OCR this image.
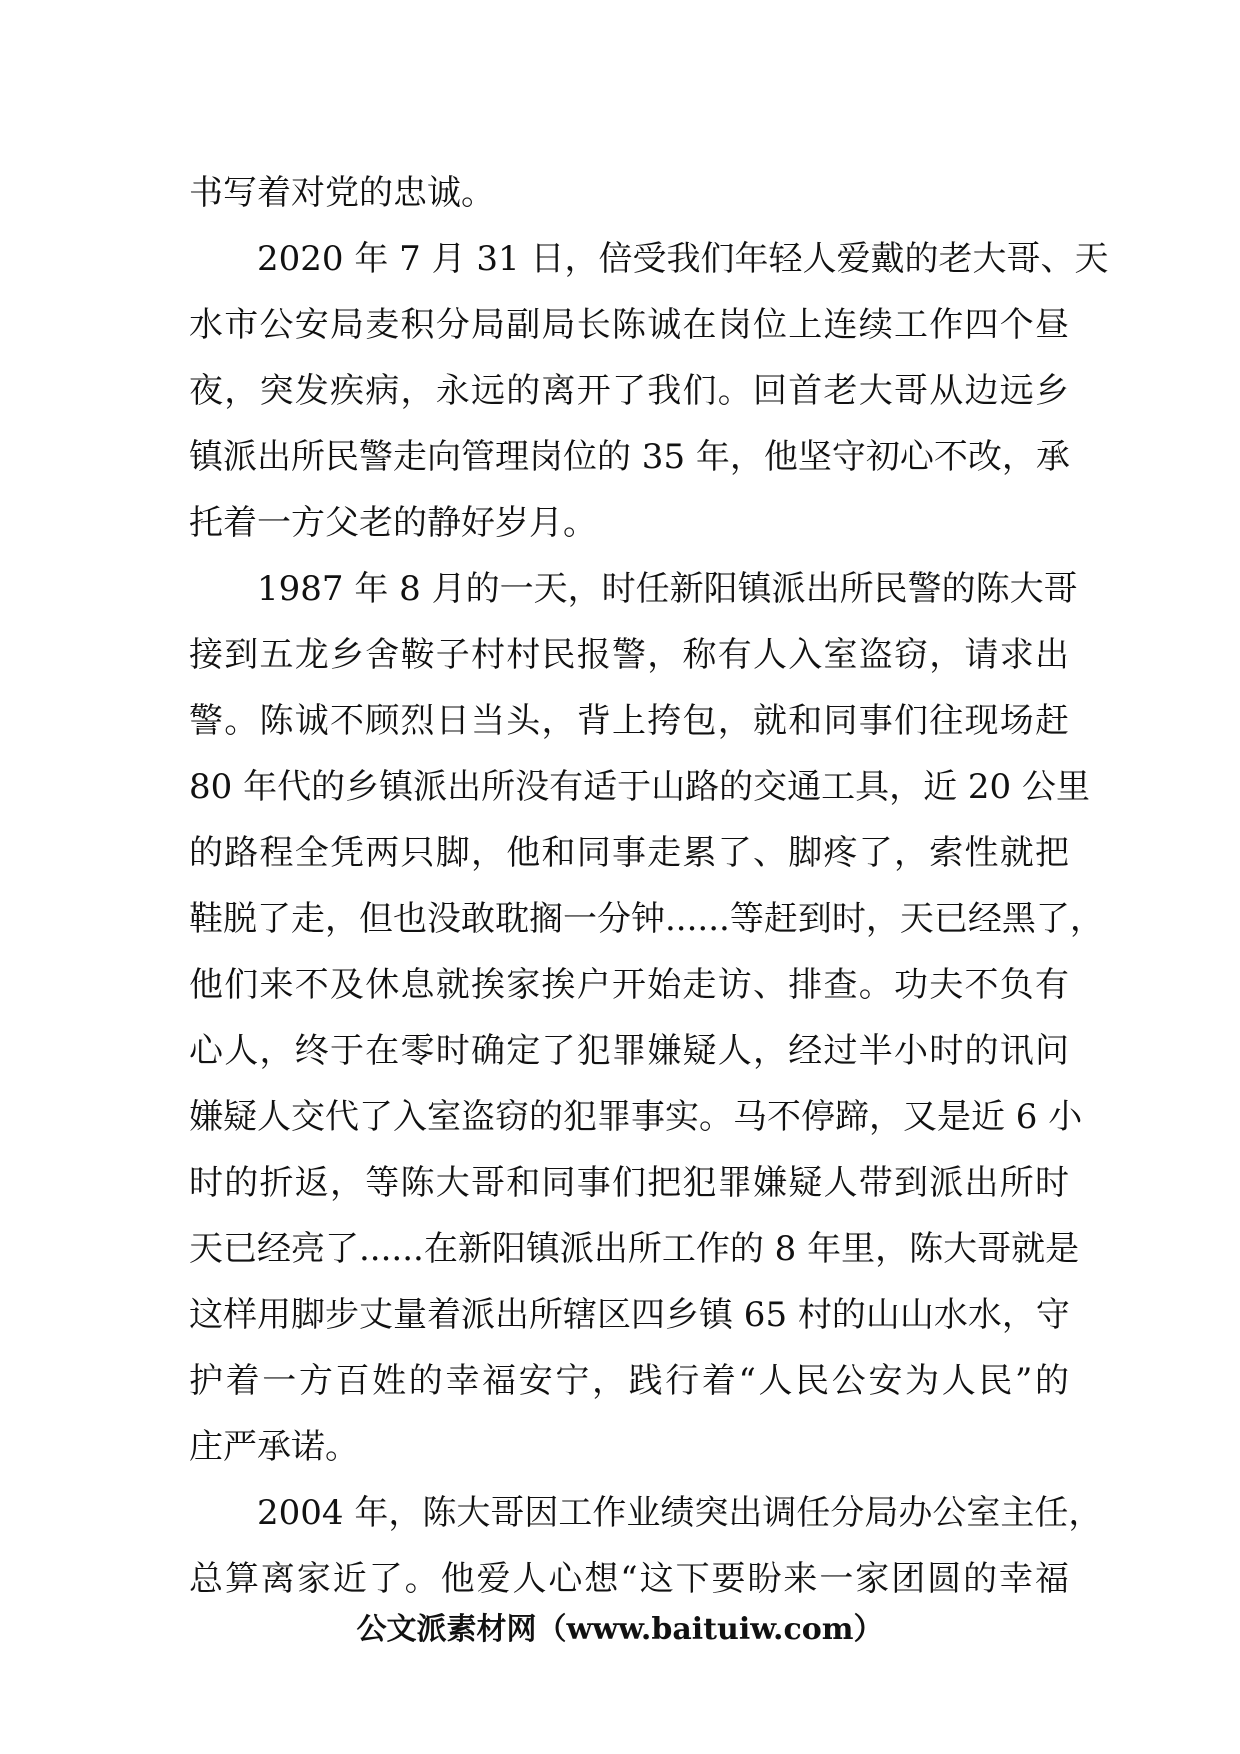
书写着对党的忠诚。
2020 年 7 月 31 日，倍受我们年轻人爱戴的老大哥、天
水市公安局麦积分局副局长陈诚在岗位上连续工作四个昼
夜，突发疾病，永远的离开了我们。回首老大哥从边远乡
镇派出所民警走向管理岗位的 35 年，他坚守初心不改，承
托着一方父老的静好岁月。
1987 年 8 月的一天，时任新阳镇派出所民警的陈大哥
接到五龙乡舍鞍子村村民报警，称有人入室盗窃，请求出
警。陈诚不顾烈日当头，背上挎包，就和同事们往现场赶
80 年代的乡镇派出所没有适于山路的交通工具，近 20 公里
的路程全凭两只脚，他和同事走累了、脚疼了，索性就把
鞋脱了走，但也没敢耽搁一分钟......等赶到时，天已经黑了，
他们来不及休息就挨家挨户开始走访、排查。功夫不负有
心人，终于在零时确定了犯罪嫌疑人，经过半小时的讯问
嫌疑人交代了入室盗窃的犯罪事实。马不停蹄，又是近 6 小
时的折返，等陈大哥和同事们把犯罪嫌疑人带到派出所时
天已经亮了......在新阳镇派出所工作的 8 年里，陈大哥就是
这样用脚步丈量着派出所辖区四乡镇 65 村的山山水水，守
护着一方百姓的幸福安宁，践行着“人民公安为人民”的
庄严承诺。
2004 年，陈大哥因工作业绩突出调任分局办公室主任，
总算离家近了。他爱人心想“这下要盼来一家团圆的幸福
公文派素材网（www.baituiw.com）
